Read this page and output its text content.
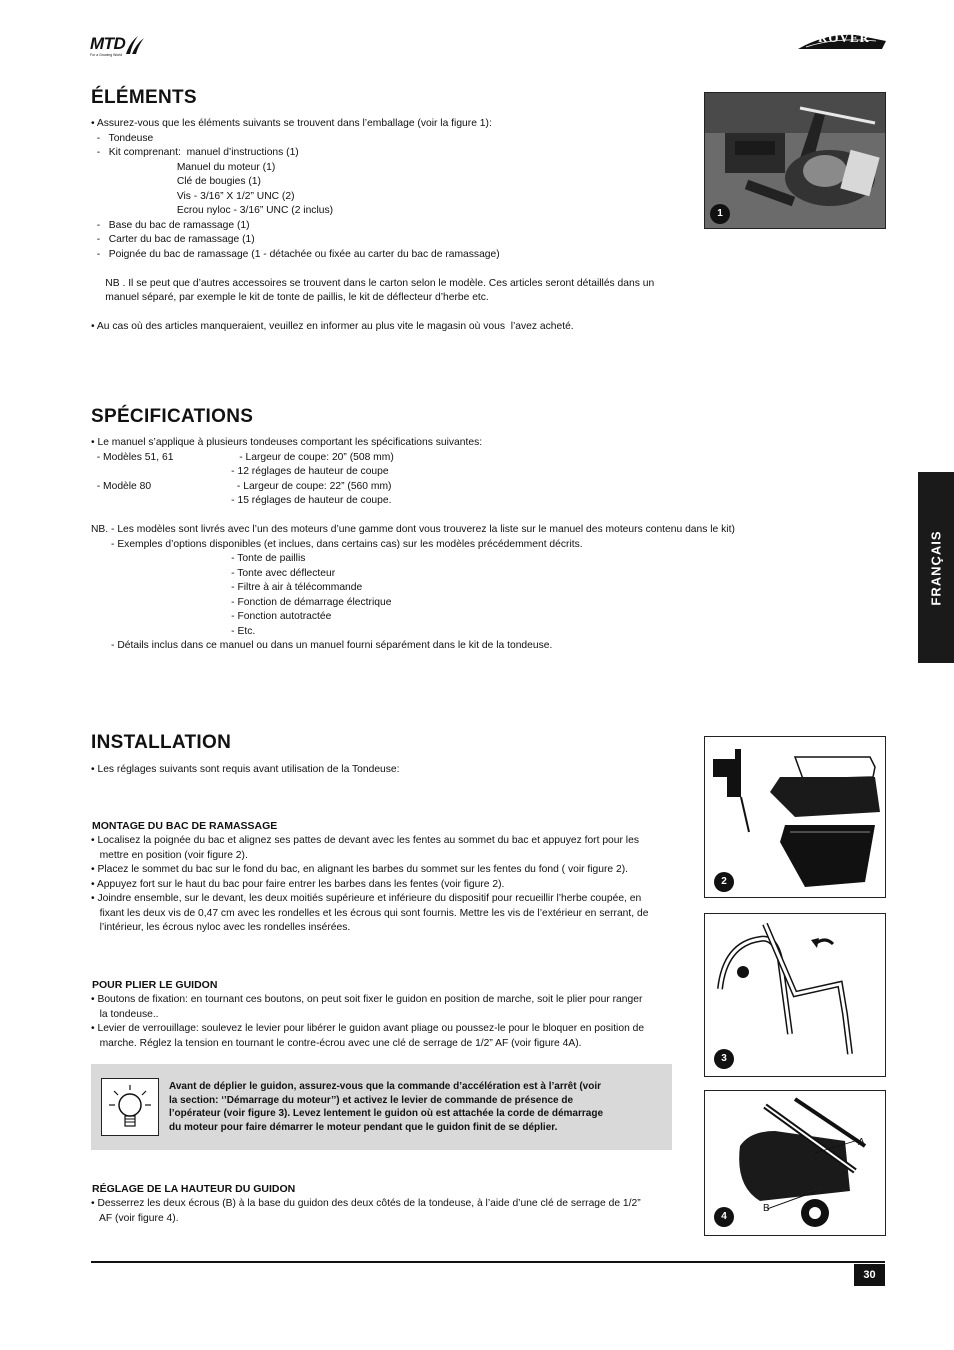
MTD
For a Growing World
ROVER
FRANÇAIS
ÉLÉMENTS
• Assurez-vous que les éléments suivants se trouvent dans l’emballage (voir la figure 1):
-   Tondeuse
-   Kit comprenant:  manuel d’instructions (1)
Manuel du moteur (1)
Clé de bougies (1)
Vis - 3/16” X 1/2” UNC (2)
Ecrou nyloc - 3/16” UNC (2 inclus)
-   Base du bac de ramassage (1)
-   Carter du bac de ramassage (1)
-   Poignée du bac de ramassage (1 - détachée ou fixée au carter du bac de ramassage)

NB . Il se peut que d’autres accessoires se trouvent dans le carton selon le modèle. Ces articles seront détaillés dans un
manuel séparé, par exemple le kit de tonte de paillis, le kit de déflecteur d’herbe etc.

• Au cas où des articles manqueraient, veuillez en informer au plus vite le magasin où vous  l’avez acheté.
1
SPÉCIFICATIONS
• Le manuel s’applique à plusieurs tondeuses comportant les spécifications suivantes:
- Modèles 51, 61                       - Largeur de coupe: 20” (508 mm)
- 12 réglages de hauteur de coupe
- Modèle 80                              - Largeur de coupe: 22” (560 mm)
- 15 réglages de hauteur de coupe.

NB. - Les modèles sont livrés avec l’un des moteurs d’une gamme dont vous trouverez la liste sur le manuel des moteurs contenu dans le kit)
- Exemples d’options disponibles (et inclues, dans certains cas) sur les modèles précédemment décrits.
- Tonte de paillis
- Tonte avec déflecteur
- Filtre à air à télécommande
- Fonction de démarrage électrique
- Fonction autotractée
- Etc.
- Détails inclus dans ce manuel ou dans un manuel fourni séparément dans le kit de la tondeuse.
INSTALLATION
• Les réglages suivants sont requis avant utilisation de la Tondeuse:
MONTAGE DU BAC DE RAMASSAGE
• Localisez la poignée du bac et alignez ses pattes de devant avec les fentes au sommet du bac et appuyez fort pour les
mettre en position (voir figure 2).
• Placez le sommet du bac sur le fond du bac, en alignant les barbes du sommet sur les fentes du fond ( voir figure 2).
• Appuyez fort sur le haut du bac pour faire entrer les barbes dans les fentes (voir figure 2).
• Joindre ensemble, sur le devant, les deux moitiés supérieure et inférieure du dispositif pour recueillir l’herbe coupée, en
fixant les deux vis de 0,47 cm avec les rondelles et les écrous qui sont fournis. Mettre les vis de l’extérieur en serrant, de
l’intérieur, les écrous nyloc avec les rondelles insérées.
POUR PLIER LE GUIDON
• Boutons de fixation: en tournant ces boutons, on peut soit fixer le guidon en position de marche, soit le plier pour ranger
la tondeuse..
• Levier de verrouillage: soulevez le levier pour libérer le guidon avant pliage ou poussez-le pour le bloquer en position de
marche. Réglez la tension en tournant le contre-écrou avec une clé de serrage de 1/2” AF (voir figure 4A).
Avant de déplier le guidon, assurez-vous que la commande d’accélération est à l’arrêt (voir
la section: ‘’Démarrage du moteur’’) et activez le levier de commande de présence de
l’opérateur (voir figure 3). Levez lentement le guidon où est attachée la corde de démarrage
du moteur pour faire démarrer le moteur pendant que le guidon finit de se déplier.
RÉGLAGE DE LA HAUTEUR DU GUIDON
• Desserrez les deux écrous (B) à la base du guidon des deux côtés de la tondeuse, à l’aide d’une clé de serrage de 1/2”
AF (voir figure 4).
2
3
A
B
4
30
